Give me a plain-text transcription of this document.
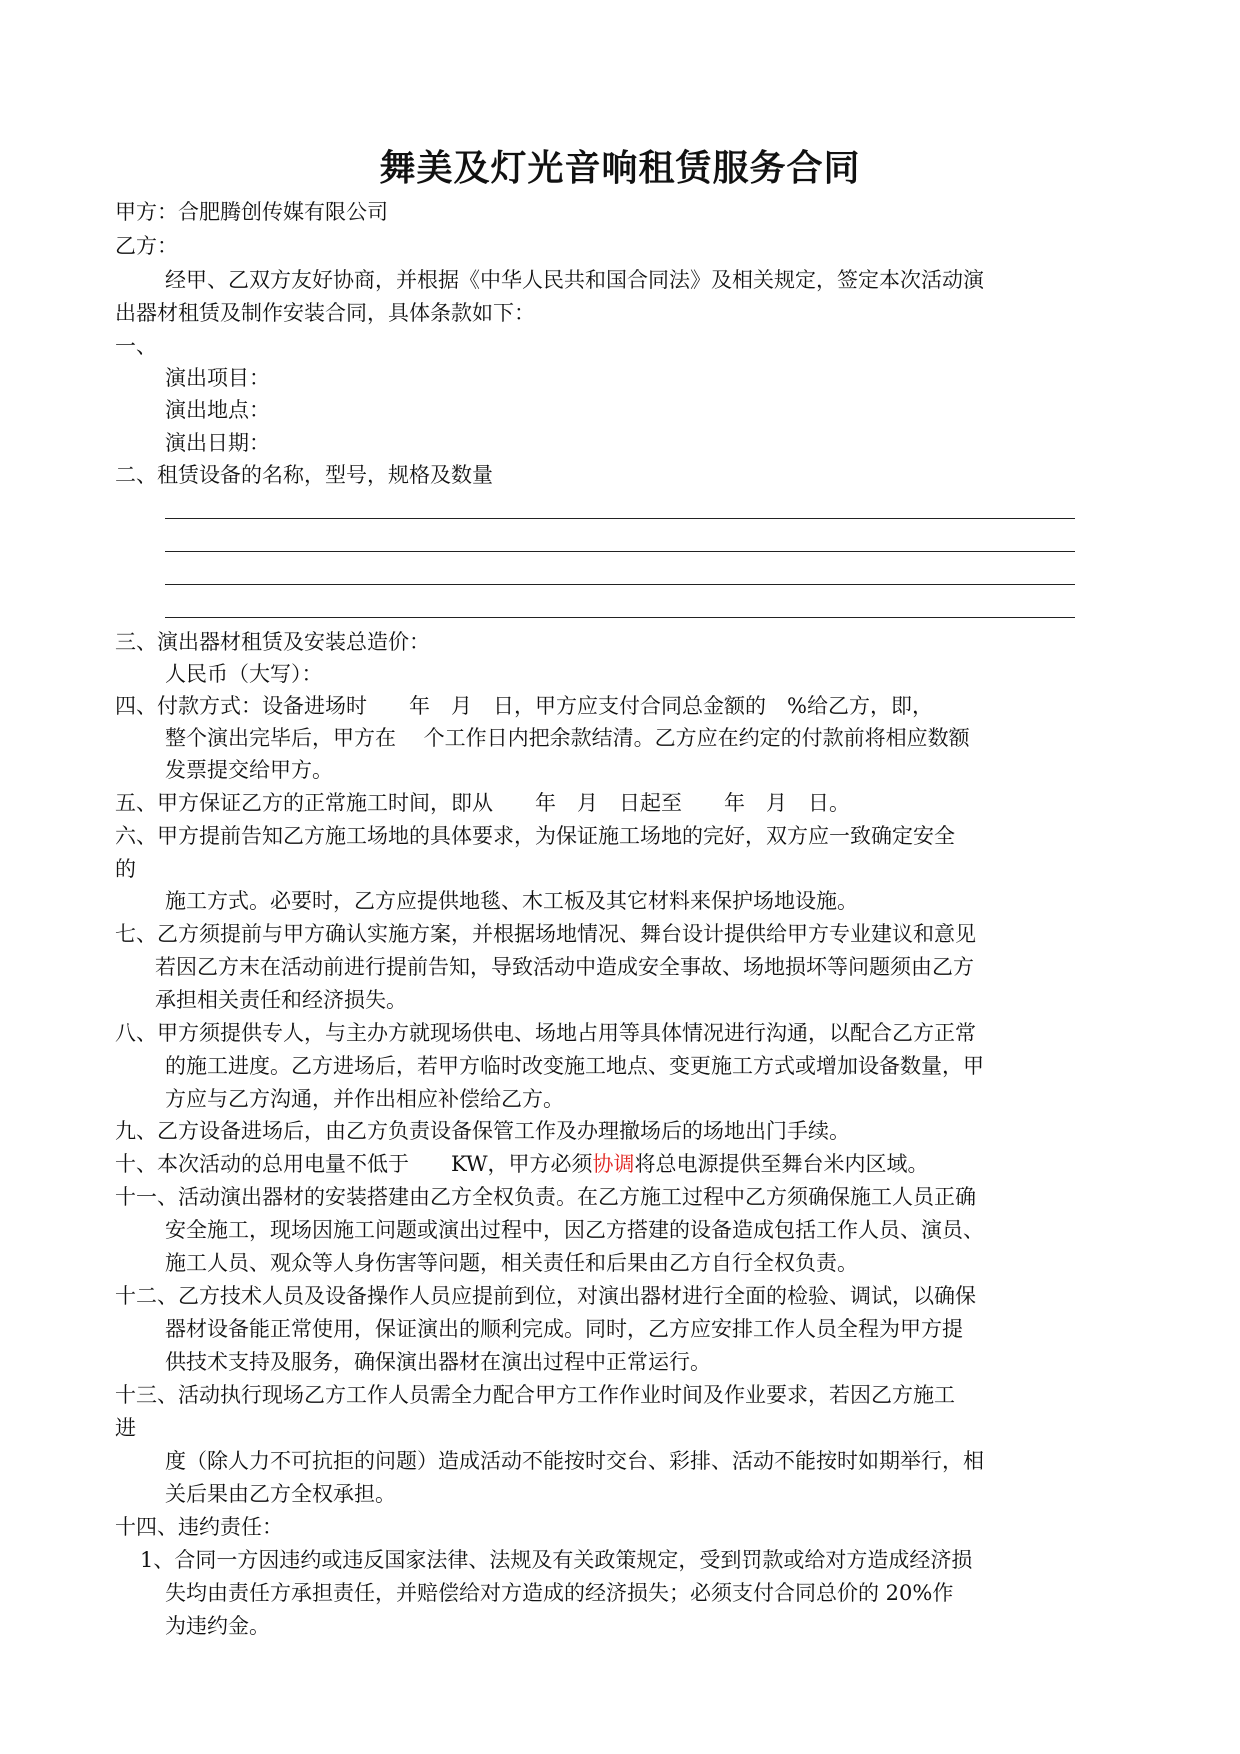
舞美及灯光音响租赁服务合同
甲方：合肥腾创传媒有限公司
乙方：
经甲、乙双方友好协商，并根据《中华人民共和国合同法》及相关规定，签定本次活动演
出器材租赁及制作安装合同，具体条款如下：
一、
演出项目：
演出地点：
演出日期：
二、租赁设备的名称，型号，规格及数量
三、演出器材租赁及安装总造价：
人民币（大写）：
四、付款方式：设备进场时　　年　月　日，甲方应支付合同总金额的　%给乙方，即，
整个演出完毕后，甲方在　 个工作日内把余款结清。乙方应在约定的付款前将相应数额
发票提交给甲方。
五、甲方保证乙方的正常施工时间，即从　　年　月　日起至　　年　月　日。
六、甲方提前告知乙方施工场地的具体要求，为保证施工场地的完好，双方应一致确定安全
的
施工方式。必要时，乙方应提供地毯、木工板及其它材料来保护场地设施。
七、乙方须提前与甲方确认实施方案，并根据场地情况、舞台设计提供给甲方专业建议和意见
若因乙方末在活动前进行提前告知，导致活动中造成安全事故、场地损坏等问题须由乙方
承担相关责任和经济损失。
八、甲方须提供专人，与主办方就现场供电、场地占用等具体情况进行沟通，以配合乙方正常
的施工进度。乙方进场后，若甲方临时改变施工地点、变更施工方式或增加设备数量，甲
方应与乙方沟通，并作出相应补偿给乙方。
九、乙方设备进场后，由乙方负责设备保管工作及办理撤场后的场地出门手续。
十、本次活动的总用电量不低于　　KW，甲方必须协调将总电源提供至舞台米内区域。
十一、活动演出器材的安装搭建由乙方全权负责。在乙方施工过程中乙方须确保施工人员正确
安全施工，现场因施工问题或演出过程中，因乙方搭建的设备造成包括工作人员、演员、
施工人员、观众等人身伤害等问题，相关责任和后果由乙方自行全权负责。
十二、乙方技术人员及设备操作人员应提前到位，对演出器材进行全面的检验、调试，以确保
器材设备能正常使用，保证演出的顺利完成。同时，乙方应安排工作人员全程为甲方提
供技术支持及服务，确保演出器材在演出过程中正常运行。
十三、活动执行现场乙方工作人员需全力配合甲方工作作业时间及作业要求，若因乙方施工
进
度（除人力不可抗拒的问题）造成活动不能按时交台、彩排、活动不能按时如期举行，相
关后果由乙方全权承担。
十四、违约责任：
1、合同一方因违约或违反国家法律、法规及有关政策规定，受到罚款或给对方造成经济损
失均由责任方承担责任，并赔偿给对方造成的经济损失；必须支付合同总价的 20%作
为违约金。
